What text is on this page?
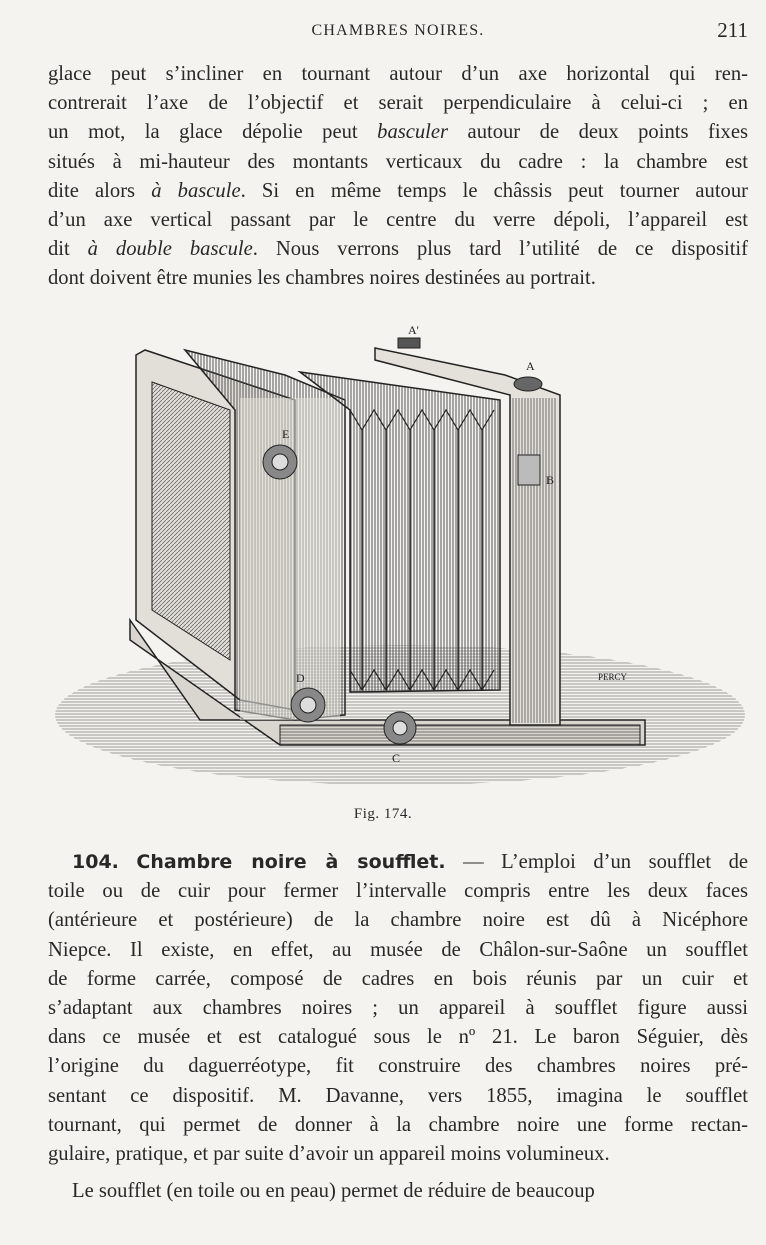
CHAMBRES NOIRES.	211
glace peut s’incliner en tournant autour d’un axe horizontal qui ren-
contrerait l’axe de l’objectif et serait perpendiculaire à celui-ci ; en
un mot, la glace dépolie peut basculer autour de deux points fixes
situés à mi-hauteur des montants verticaux du cadre : la chambre est
dite alors à bascule. Si en même temps le châssis peut tourner autour
d’un axe vertical passant par le centre du verre dépoli, l’appareil est
dit à double bascule. Nous verrons plus tard l’utilité de ce dispositif
dont doivent être munies les chambres noires destinées au portrait.
A'
A
B
C
D
E
PERCY
Fig. 174.
104. Chambre noire à soufflet. — L’emploi d’un soufflet de
toile ou de cuir pour fermer l’intervalle compris entre les deux faces
(antérieure et postérieure) de la chambre noire est dû à Nicéphore
Niepce. Il existe, en effet, au musée de Châlon-sur-Saône un soufflet
de forme carrée, composé de cadres en bois réunis par un cuir et
s’adaptant aux chambres noires ; un appareil à soufflet figure aussi
dans ce musée et est catalogué sous le nº 21. Le baron Séguier, dès
l’origine du daguerréotype, fit construire des chambres noires pré-
sentant ce dispositif. M. Davanne, vers 1855, imagina le soufflet
tournant, qui permet de donner à la chambre noire une forme rectan-
gulaire, pratique, et par suite d’avoir un appareil moins volumineux.
Le soufflet (en toile ou en peau) permet de réduire de beaucoup
